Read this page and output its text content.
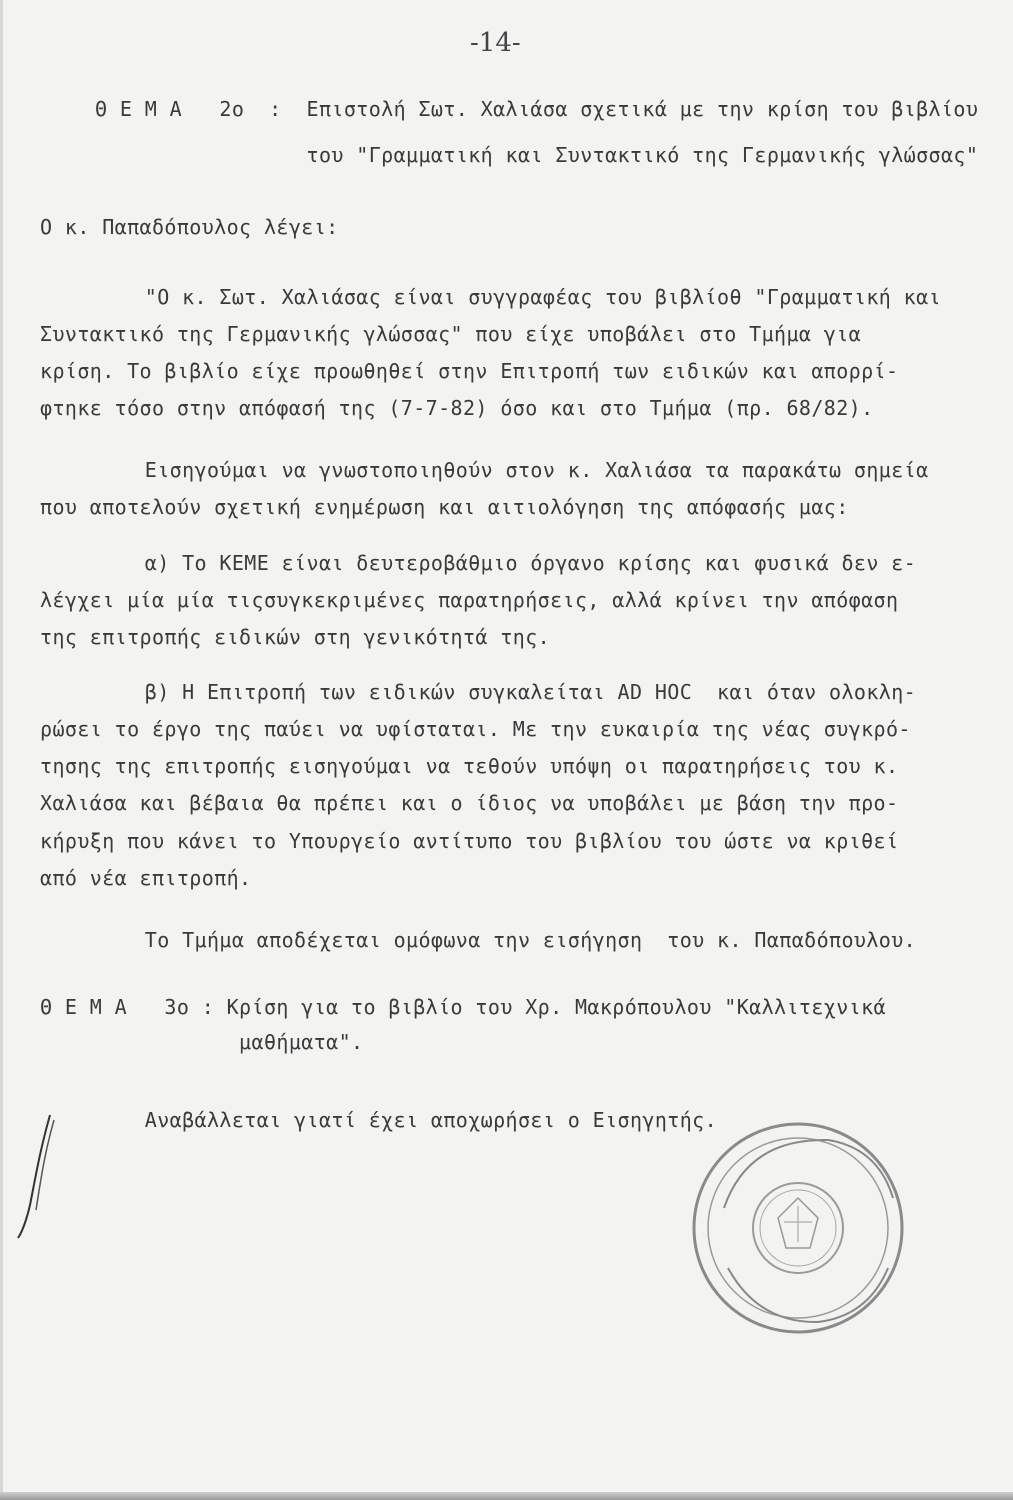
-14-
Θ Ε Μ Α   2ο  :  Επιστολή Σωτ. Χαλιάσα σχετικά με την κρίση του βιβλίου
του "Γραμματική και Συντακτικό της Γερμανικής γλώσσας"
Ο κ. Παπαδόπουλος λέγει:
"Ο κ. Σωτ. Χαλιάσας είναι συγγραφέας του βιβλίοθ "Γραμματική και
Συντακτικό της Γερμανικής γλώσσας" που είχε υποβάλει στο Τμήμα για
κρίση. Το βιβλίο είχε προωθηθεί στην Επιτροπή των ειδικών και απορρί-
φτηκε τόσο στην απόφασή της (7-7-82) όσο και στο Τμήμα (πρ. 68/82).
Εισηγούμαι να γνωστοποιηθούν στον κ. Χαλιάσα τα παρακάτω σημεία
που αποτελούν σχετική ενημέρωση και αιτιολόγηση της απόφασής μας:
α) Το ΚΕΜΕ είναι δευτεροβάθμιο όργανο κρίσης και φυσικά δεν ε-
λέγχει μία μία τιςσυγκεκριμένες παρατηρήσεις, αλλά κρίνει την απόφαση
της επιτροπής ειδικών στη γενικότητά της.
β) Η Επιτροπή των ειδικών συγκαλείται AD HOC  και όταν ολοκλη-
ρώσει το έργο της παύει να υφίσταται. Με την ευκαιρία της νέας συγκρό-
τησης της επιτροπής εισηγούμαι να τεθούν υπόψη οι παρατηρήσεις του κ.
Χαλιάσα και βέβαια θα πρέπει και ο ίδιος να υποβάλει με βάση την προ-
κήρυξη που κάνει το Υπουργείο αντίτυπο του βιβλίου του ώστε να κριθεί
από νέα επιτροπή.
Το Τμήμα αποδέχεται ομόφωνα την εισήγηση  του κ. Παπαδόπουλου.
Θ Ε Μ Α   3ο : Κρίση για το βιβλίο του Χρ. Μακρόπουλου "Καλλιτεχνικά
μαθήματα".
Αναβάλλεται γιατί έχει αποχωρήσει ο Εισηγητής.
